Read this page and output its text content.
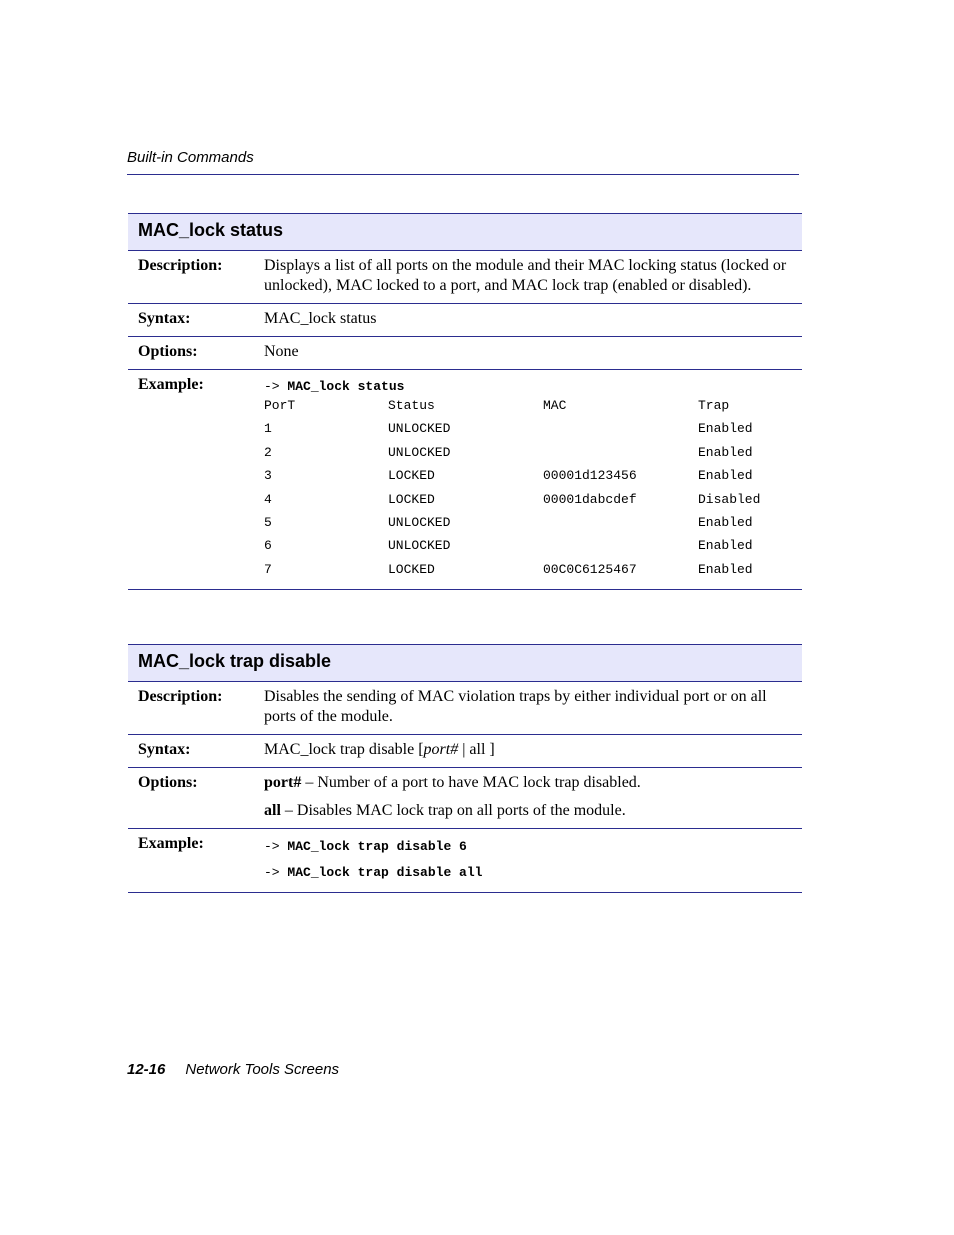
Built-in Commands
MAC_lock status
Description:	Displays a list of all ports on the module and their MAC locking status (locked or unlocked), MAC locked to a port, and MAC lock trap (enabled or disabled).
Syntax:	MAC_lock status
Options:	None
Example:	-> MAC_lock status
PorT	Status	MAC	Trap
1	UNLOCKED		Enabled
2	UNLOCKED		Enabled
3	LOCKED	00001d123456	Enabled
4	LOCKED	00001dabcdef	Disabled
5	UNLOCKED		Enabled
6	UNLOCKED		Enabled
7	LOCKED	00C0C6125467	Enabled
MAC_lock trap disable	
Description:	Disables the sending of MAC violation traps by either individual port or on all ports of the module.
Syntax:	MAC_lock trap disable [port# | all ]
Options:	port# – Number of a port to have MAC lock trap disabled.
all – Disables MAC lock trap on all ports of the module.

Example:	-> MAC_lock trap disable 6
-> MAC_lock trap disable all
12-16 Network Tools Screens
